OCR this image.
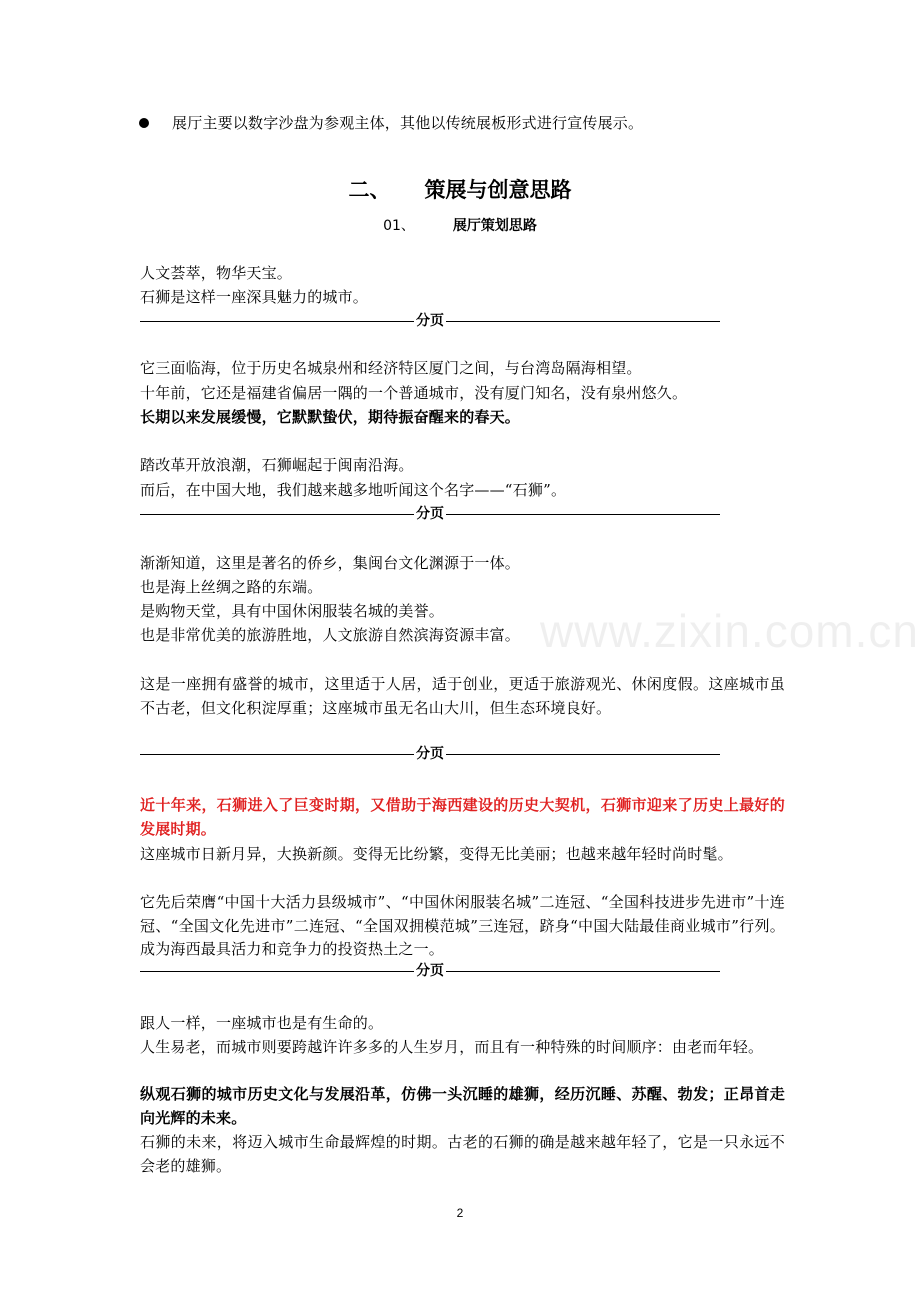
www.zixin.com.cn
展厅主要以数字沙盘为参观主体，其他以传统展板形式进行宣传展示。
二、 策展与创意思路
01、	展厅策划思路
人文荟萃，物华天宝。
石狮是这样一座深具魅力的城市。
分页
它三面临海，位于历史名城泉州和经济特区厦门之间，与台湾岛隔海相望。
十年前，它还是福建省偏居一隅的一个普通城市，没有厦门知名，没有泉州悠久。
长期以来发展缓慢，它默默蛰伏，期待振奋醒来的春天。
踏改革开放浪潮，石狮崛起于闽南沿海。
而后，在中国大地，我们越来越多地听闻这个名字——“石狮”。
分页
渐渐知道，这里是著名的侨乡，集闽台文化渊源于一体。
也是海上丝绸之路的东端。
是购物天堂，具有中国休闲服装名城的美誉。
也是非常优美的旅游胜地，人文旅游自然滨海资源丰富。
这是一座拥有盛誉的城市，这里适于人居，适于创业，更适于旅游观光、休闲度假。这座城市虽不古老，但文化积淀厚重；这座城市虽无名山大川，但生态环境良好。
分页
近十年来，石狮进入了巨变时期，又借助于海西建设的历史大契机，石狮市迎来了历史上最好的发展时期。
这座城市日新月异，大换新颜。变得无比纷繁，变得无比美丽；也越来越年轻时尚时髦。
它先后荣膺“中国十大活力县级城市”、“中国休闲服装名城”二连冠、“全国科技进步先进市”十连冠、“全国文化先进市”二连冠、“全国双拥模范城”三连冠，跻身“中国大陆最佳商业城市”行列。成为海西最具活力和竞争力的投资热土之一。
分页
跟人一样，一座城市也是有生命的。
人生易老，而城市则要跨越许许多多的人生岁月，而且有一种特殊的时间顺序：由老而年轻。
纵观石狮的城市历史文化与发展沿革，仿佛一头沉睡的雄狮，经历沉睡、苏醒、勃发；正昂首走向光辉的未来。
石狮的未来，将迈入城市生命最辉煌的时期。古老的石狮的确是越来越年轻了，它是一只永远不会老的雄狮。
2
